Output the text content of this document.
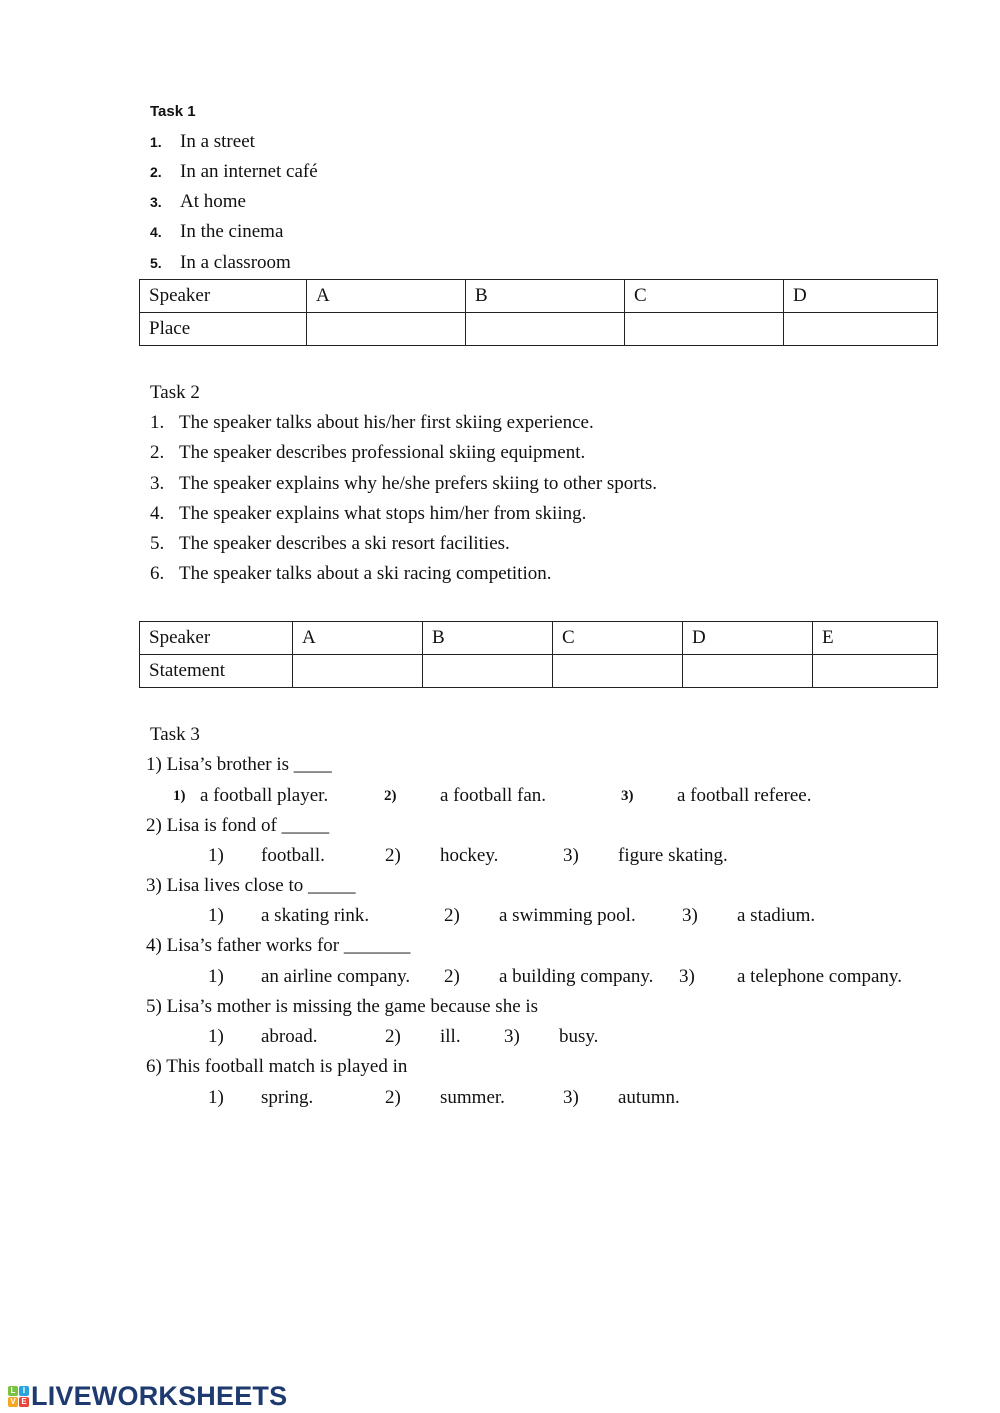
Task 1
1. In a street
2. In an internet café
3. At home
4. In the cinema
5. In a classroom
Speaker	A	B	C	D
Place				
Task 2
1. The speaker talks about his/her first skiing experience.
2. The speaker describes professional skiing equipment.
3. The speaker explains why he/she prefers skiing to other sports.
4. The speaker explains what stops him/her from skiing.
5. The speaker describes a ski resort facilities.
6. The speaker talks about a ski racing competition.
Speaker	A	B	C	D	E
Statement					
Task 3
1) Lisa’s brother is ____
1) a football player.	2) a football fan.	3) a football referee.
2) Lisa is fond of _____
1) football.	2) hockey.	3) figure skating.
3) Lisa lives close to _____
1) a skating rink.	2) a swimming pool. 3) a stadium.
4) Lisa’s father works for _______
1) an airline company. 2) a building company. 3) a telephone company.
5) Lisa’s mother is missing the game because she is
1) abroad.	2) ill. 3) busy.
6) This football match is played in
1) spring.	2) summer.	3) autumn.
L I
V E LIVEWORKSHEETS
